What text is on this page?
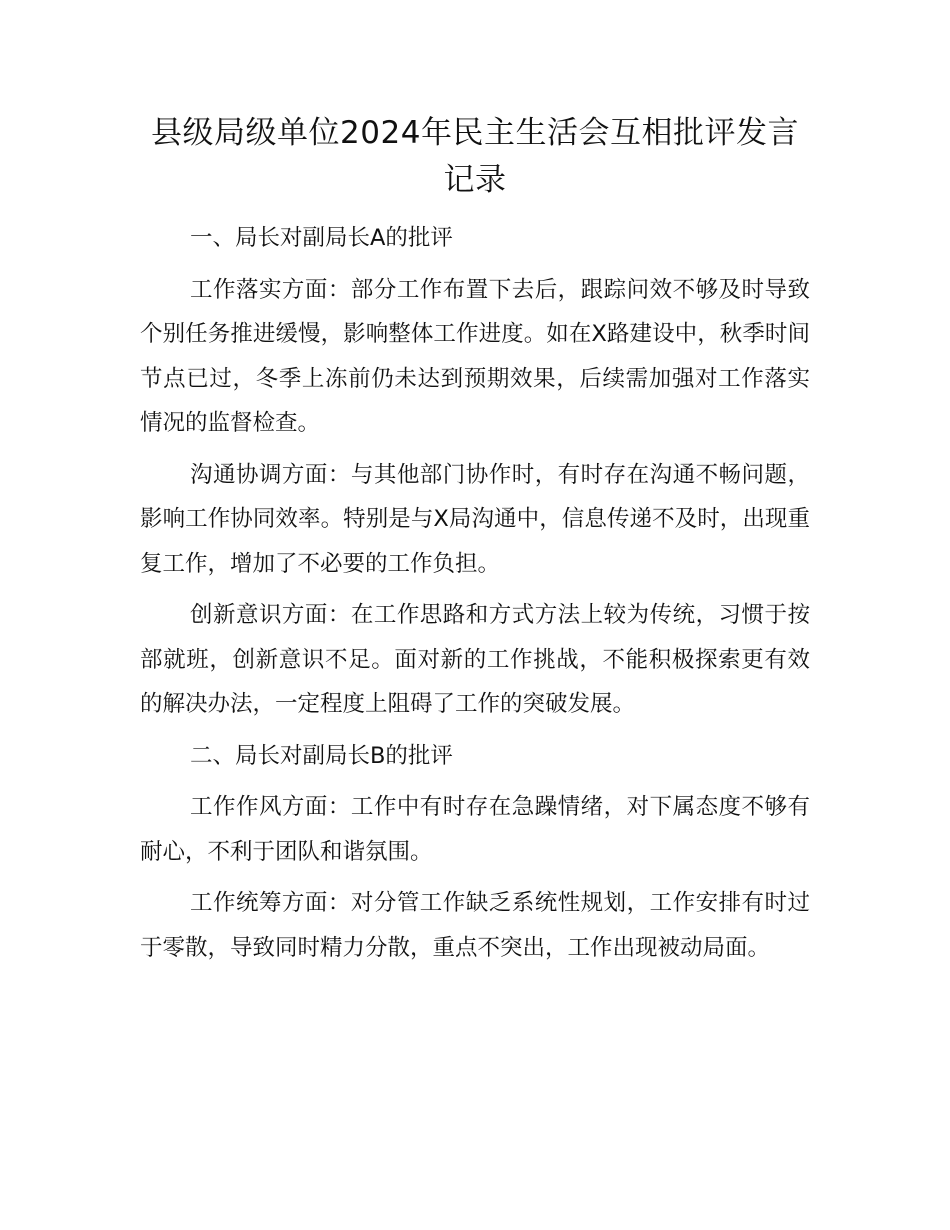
县级局级单位2024年民主生活会互相批评发言记录

一、局长对副局长A的批评

工作落实方面：部分工作布置下去后，跟踪问效不够及时导致个别任务推进缓慢，影响整体工作进度。如在X路建设中，秋季时间节点已过，冬季上冻前仍未达到预期效果，后续需加强对工作落实情况的监督检查。

沟通协调方面：与其他部门协作时，有时存在沟通不畅问题，影响工作协同效率。特别是与X局沟通中，信息传递不及时，出现重复工作，增加了不必要的工作负担。

创新意识方面：在工作思路和方式方法上较为传统，习惯于按部就班，创新意识不足。面对新的工作挑战，不能积极探索更有效的解决办法，一定程度上阻碍了工作的突破发展。

二、局长对副局长B的批评

工作作风方面：工作中有时存在急躁情绪，对下属态度不够有耐心，不利于团队和谐氛围。

工作统筹方面：对分管工作缺乏系统性规划，工作安排有时过于零散，导致同时精力分散，重点不突出，工作出现被动局面。
